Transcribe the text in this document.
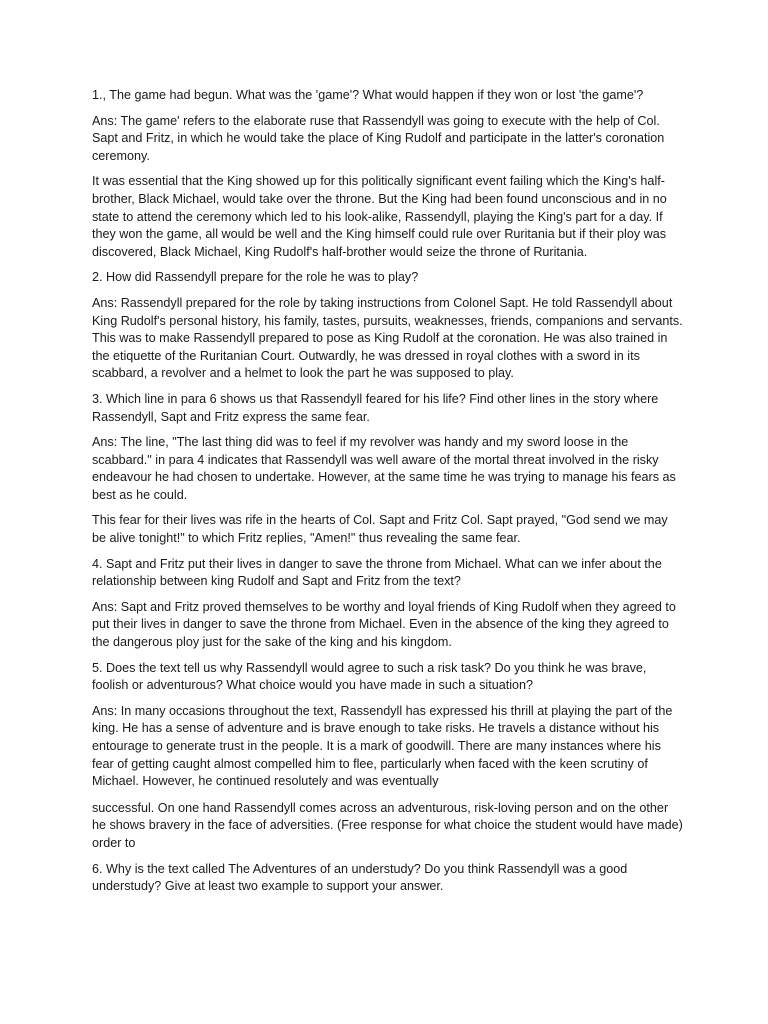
1., The game had begun. What was the 'game'? What would happen if they won or lost 'the game'?

Ans: The game' refers to the elaborate ruse that Rassendyll was going to execute with the help of Col. Sapt and Fritz, in which he would take the place of King Rudolf and participate in the latter's coronation ceremony.

It was essential that the King showed up for this politically significant event failing which the King's half-brother, Black Michael, would take over the throne. But the King had been found unconscious and in no state to attend the ceremony which led to his look-alike, Rassendyll, playing the King's part for a day. If they won the game, all would be well and the King himself could rule over Ruritania but if their ploy was discovered, Black Michael, King Rudolf's half-brother would seize the throne of Ruritania.

2. How did Rassendyll prepare for the role he was to play?

Ans: Rassendyll prepared for the role by taking instructions from Colonel Sapt. He told Rassendyll about King Rudolf's personal history, his family, tastes, pursuits, weaknesses, friends, companions and servants. This was to make Rassendyll prepared to pose as King Rudolf at the coronation. He was also trained in the etiquette of the Ruritanian Court. Outwardly, he was dressed in royal clothes with a sword in its scabbard, a revolver and a helmet to look the part he was supposed to play.

3. Which line in para 6 shows us that Rassendyll feared for his life? Find other lines in the story where Rassendyll, Sapt and Fritz express the same fear.

Ans: The line, "The last thing did was to feel if my revolver was handy and my sword loose in the scabbard." in para 4 indicates that Rassendyll was well aware of the mortal threat involved in the risky endeavour he had chosen to undertake. However, at the same time he was trying to manage his fears as best as he could.

This fear for their lives was rife in the hearts of Col. Sapt and Fritz Col. Sapt prayed, "God send we may be alive tonight!" to which Fritz replies, "Amen!" thus revealing the same fear.

4. Sapt and Fritz put their lives in danger to save the throne from Michael. What can we infer about the relationship between king Rudolf and Sapt and Fritz from the text?

Ans: Sapt and Fritz proved themselves to be worthy and loyal friends of King Rudolf when they agreed to put their lives in danger to save the throne from Michael. Even in the absence of the king they agreed to the dangerous ploy just for the sake of the king and his kingdom.

5. Does the text tell us why Rassendyll would agree to such a risk task? Do you think he was brave, foolish or adventurous? What choice would you have made in such a situation?

Ans: In many occasions throughout the text, Rassendyll has expressed his thrill at playing the part of the king. He has a sense of adventure and is brave enough to take risks. He travels a distance without his entourage to generate trust in the people. It is a mark of goodwill. There are many instances where his fear of getting caught almost compelled him to flee, particularly when faced with the keen scrutiny of Michael. However, he continued resolutely and was eventually

successful. On one hand Rassendyll comes across an adventurous, risk-loving person and on the other he shows bravery in the face of adversities. (Free response for what choice the student would have made) order to

6. Why is the text called The Adventures of an understudy? Do you think Rassendyll was a good understudy? Give at least two example to support your answer.
